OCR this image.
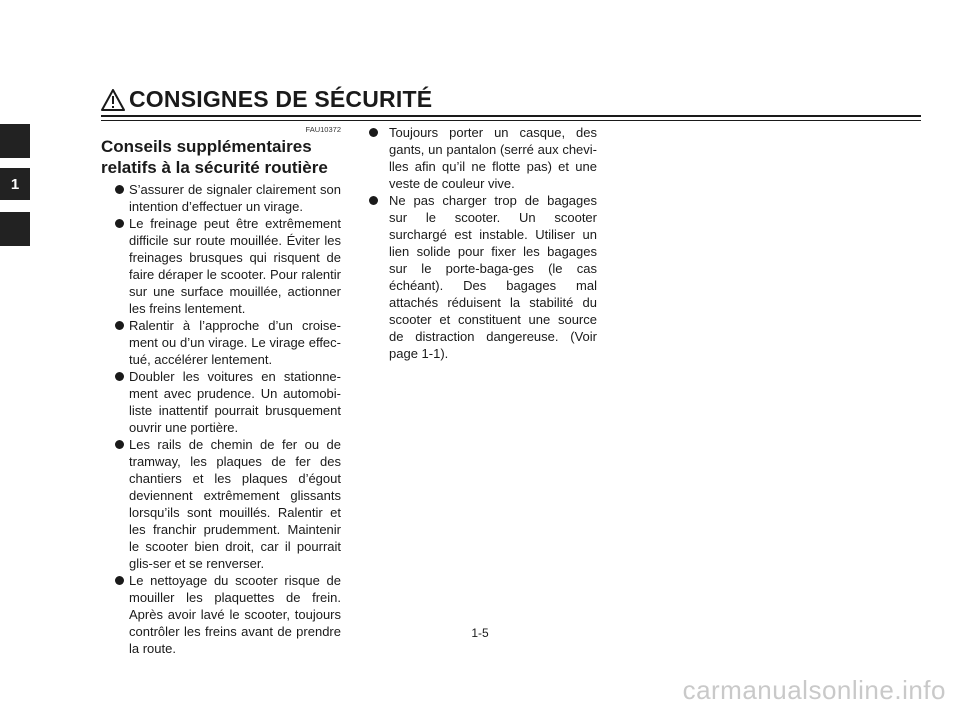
CONSIGNES DE SÉCURITÉ
1
FAU10372
Conseils supplémentaires relatifs à la sécurité routière
S’assurer de signaler clairement son intention d’effectuer un virage.
Le freinage peut être extrêmement difficile sur route mouillée. Éviter les freinages brusques qui risquent de faire déraper le scooter. Pour ralentir sur une surface mouillée, actionner les freins lentement.
Ralentir à l’approche d’un croise-ment ou d’un virage. Le virage effec-tué, accélérer lentement.
Doubler les voitures en stationne-ment avec prudence. Un automobi-liste inattentif pourrait brusquement ouvrir une portière.
Les rails de chemin de fer ou de tramway, les plaques de fer des chantiers et les plaques d’égout deviennent extrêmement glissants lorsqu’ils sont mouillés. Ralentir et les franchir prudemment. Maintenir le scooter bien droit, car il pourrait glis-ser et se renverser.
Le nettoyage du scooter risque de mouiller les plaquettes de frein. Après avoir lavé le scooter, toujours contrôler les freins avant de prendre la route.
Toujours porter un casque, des gants, un pantalon (serré aux chevi-lles afin qu’il ne flotte pas) et une veste de couleur vive.
Ne pas charger trop de bagages sur le scooter. Un scooter surchargé est instable. Utiliser un lien solide pour fixer les bagages sur le porte-baga-ges (le cas échéant). Des bagages mal attachés réduisent la stabilité du scooter et constituent une source de distraction dangereuse. (Voir page 1-1).
1-5
carmanualsonline.info
